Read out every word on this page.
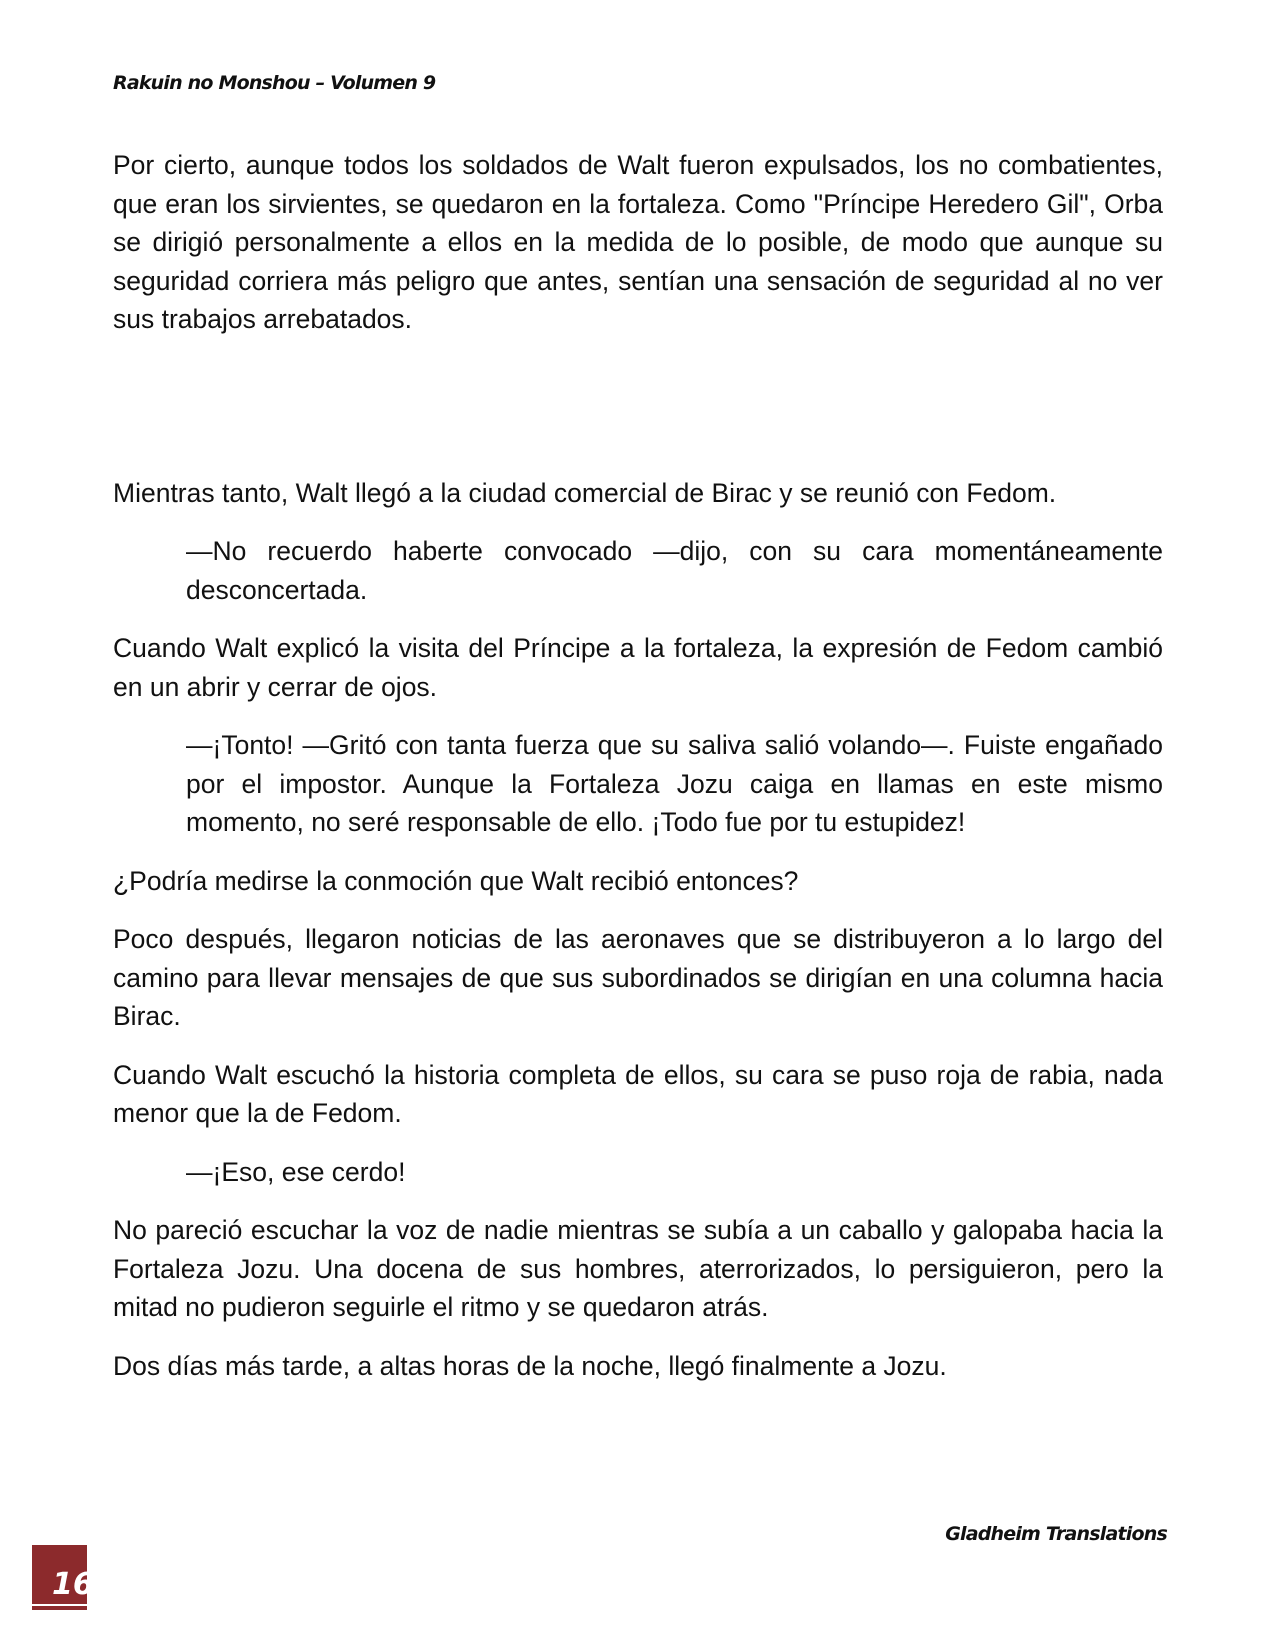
Rakuin no Monshou – Volumen 9

Por cierto, aunque todos los soldados de Walt fueron expulsados, los no combatientes, que eran los sirvientes, se quedaron en la fortaleza. Como "Príncipe Heredero Gil", Orba se dirigió personalmente a ellos en la medida de lo posible, de modo que aunque su seguridad corriera más peligro que antes, sentían una sensación de seguridad al no ver sus trabajos arrebatados.

Mientras tanto, Walt llegó a la ciudad comercial de Birac y se reunió con Fedom.

—No recuerdo haberte convocado —dijo, con su cara momentáneamente desconcertada.

Cuando Walt explicó la visita del Príncipe a la fortaleza, la expresión de Fedom cambió en un abrir y cerrar de ojos.

—¡Tonto! —Gritó con tanta fuerza que su saliva salió volando—. Fuiste engañado por el impostor. Aunque la Fortaleza Jozu caiga en llamas en este mismo momento, no seré responsable de ello. ¡Todo fue por tu estupidez!

¿Podría medirse la conmoción que Walt recibió entonces?

Poco después, llegaron noticias de las aeronaves que se distribuyeron a lo largo del camino para llevar mensajes de que sus subordinados se dirigían en una columna hacia Birac.

Cuando Walt escuchó la historia completa de ellos, su cara se puso roja de rabia, nada menor que la de Fedom.

—¡Eso, ese cerdo!

No pareció escuchar la voz de nadie mientras se subía a un caballo y galopaba hacia la Fortaleza Jozu. Una docena de sus hombres, aterrorizados, lo persiguieron, pero la mitad no pudieron seguirle el ritmo y se quedaron atrás.

Dos días más tarde, a altas horas de la noche, llegó finalmente a Jozu.

Gladheim Translations
16
